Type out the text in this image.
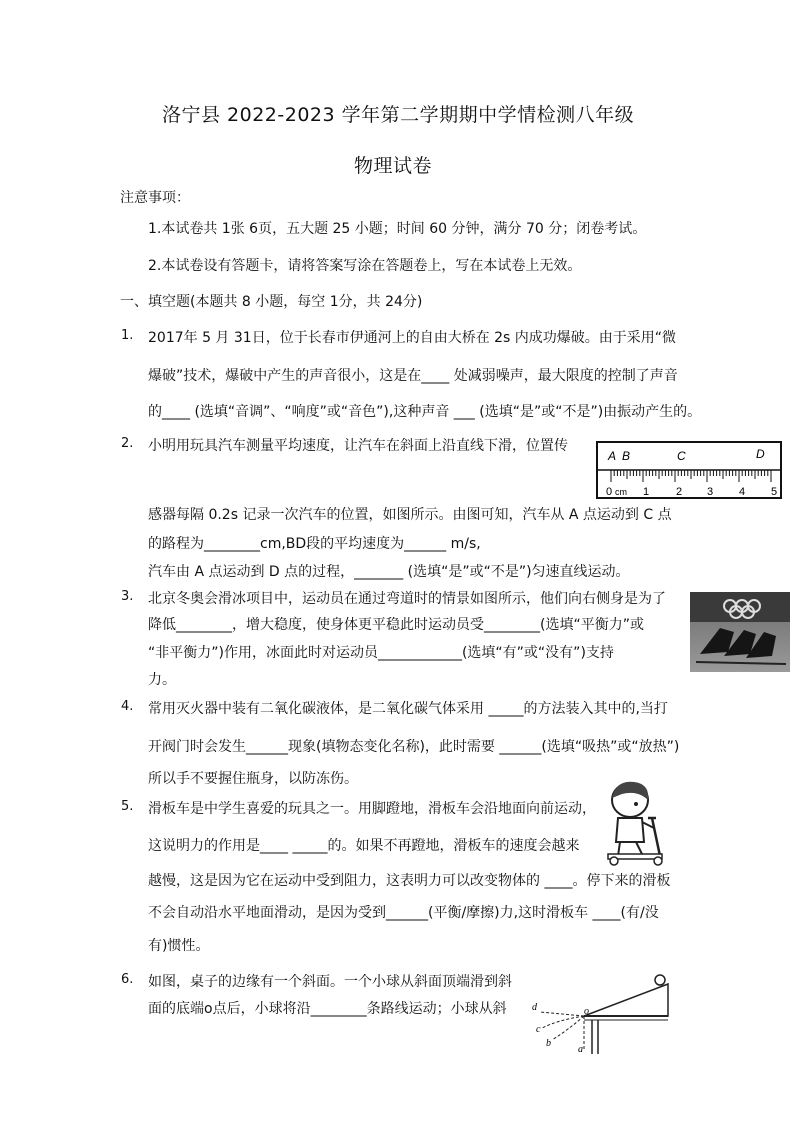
洛宁县 2022-2023 学年第二学期期中学情检测八年级
物理试卷
注意事项：
1.本试卷共 1张 6页，五大题 25 小题；时间 60 分钟，满分 70 分；闭卷考试。
2.本试卷设有答题卡，请将答案写涂在答题卷上，写在本试卷上无效。
一、填空题(本题共 8 小题，每空 1分，共 24分)
1. 2017年 5 月 31日，位于长春市伊通河上的自由大桥在 2s 内成功爆破。由于采用“微
爆破”技术，爆破中产生的声音很小，这是在____ 处减弱噪声，最大限度的控制了声音
的____ (选填“音调”、“响度”或“音色”),这种声音 ___ (选填“是”或“不是”)由振动产生的。
2. 小明用玩具汽车测量平均速度，让汽车在斜面上沿直线下滑，位置传
感器每隔 0.2s 记录一次汽车的位置，如图所示。由图可知，汽车从 A 点运动到 C 点
的路程为________cm,BD段的平均速度为______ m/s,
汽车由 A 点运动到 D 点的过程，_______ (选填“是”或“不是”)匀速直线运动。
A B	C	D
0 cm 1 2 3 4 5
3. 北京冬奥会滑冰项目中，运动员在通过弯道时的情景如图所示，他们向右侧身是为了
降低________，增大稳度，使身体更平稳此时运动员受________(选填“平衡力”或
“非平衡力”)作用，冰面此时对运动员____________(选填“有”或“没有”)支持
力。
4. 常用灭火器中装有二氧化碳液体，是二氧化碳气体采用 _____的方法装入其中的,当打
开阀门时会发生______现象(填物态变化名称)，此时需要 ______(选填“吸热”或“放热”)
所以手不要握住瓶身，以防冻伤。
5. 滑板车是中学生喜爱的玩具之一。用脚蹬地，滑板车会沿地面向前运动，
这说明力的作用是____ _____的。如果不再蹬地，滑板车的速度会越来
越慢，这是因为它在运动中受到阻力，这表明力可以改变物体的 ____。停下来的滑板
不会自动沿水平地面滑动，是因为受到______(平衡/摩擦)力,这时滑板车 ____(有/没
有)惯性。
6. 如图，桌子的边缘有一个斜面。一个小球从斜面顶端滑到斜
面的底端o点后，小球将沿________条路线运动；小球从斜	d
c
b
a
o
